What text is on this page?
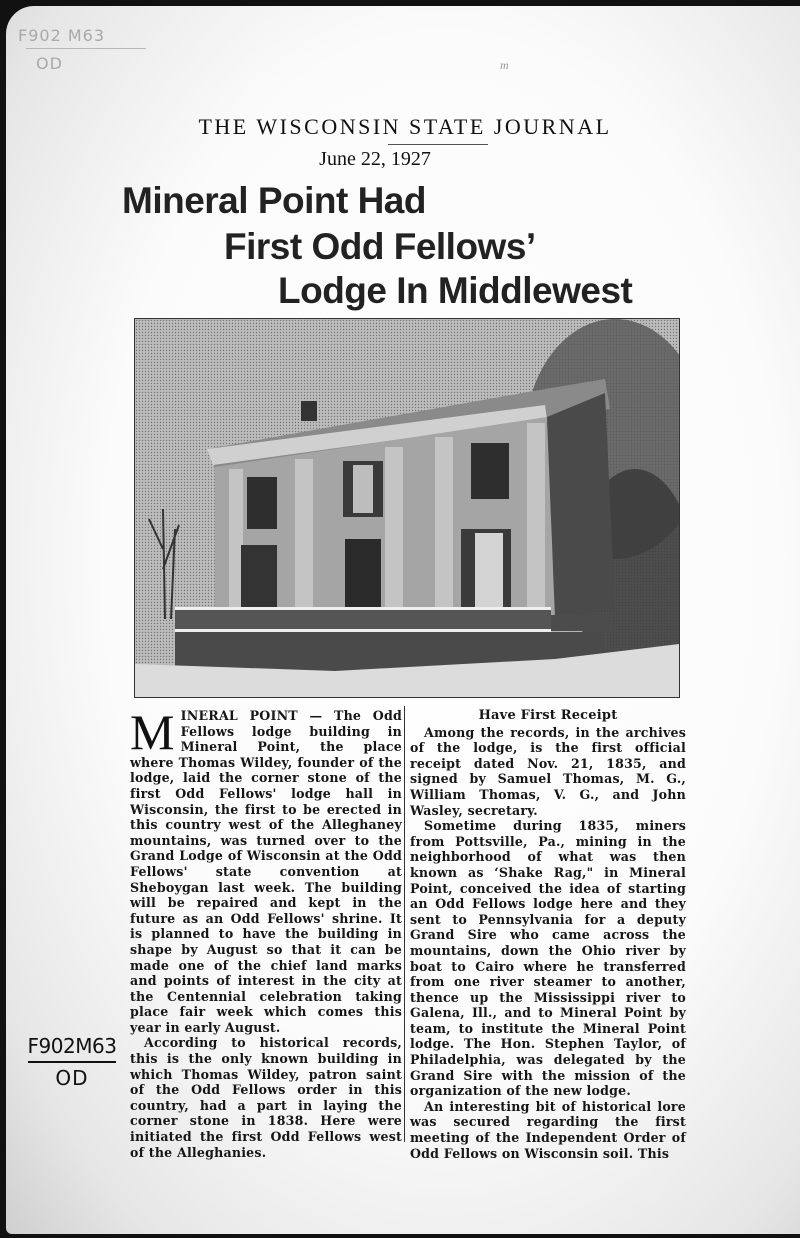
F902 M63
OD	m
THE WISCONSIN STATE JOURNAL
June 22, 1927
Mineral Point Had
First Odd Fellows’
Lodge In Middlewest

MINERAL POINT — The Odd Fellows lodge building in Mineral Point, the place where Thomas Wildey, founder of the lodge, laid the corner stone of the first Odd Fellows' lodge hall in Wisconsin, the first to be erected in this country west of the Alleghaney mountains, was turned over to the Grand Lodge of Wisconsin at the Odd Fellows' state convention at Sheboygan last week. The building will be repaired and kept in the future as an Odd Fellows' shrine. It is planned to have the building in shape by August so that it can be made one of the chief land marks and points of interest in the city at the Centennial celebration taking place fair week which comes this year in early August.

According to historical records, this is the only known building in which Thomas Wildey, patron saint of the Odd Fellows order in this country, had a part in laying the corner stone in 1838. Here were initiated the first Odd Fellows west of the Alleghanies.

Have First Receipt

Among the records, in the archives of the lodge, is the first official receipt dated Nov. 21, 1835, and signed by Samuel Thomas, M. G., William Thomas, V. G., and John Wasley, secretary.

Sometime during 1835, miners from Pottsville, Pa., mining in the neighborhood of what was then known as ‘Shake Rag," in Mineral Point, conceived the idea of starting an Odd Fellows lodge here and they sent to Pennsylvania for a deputy Grand Sire who came across the mountains, down the Ohio river by boat to Cairo where he transferred from one river steamer to another, thence up the Mississippi river to Galena, Ill., and to Mineral Point by team, to institute the Mineral Point lodge. The Hon. Stephen Taylor, of Philadelphia, was delegated by the Grand Sire with the mission of the organization of the new lodge.

An interesting bit of historical lore was secured regarding the first meeting of the Independent Order of Odd Fellows on Wisconsin soil. This

F902M63
OD
